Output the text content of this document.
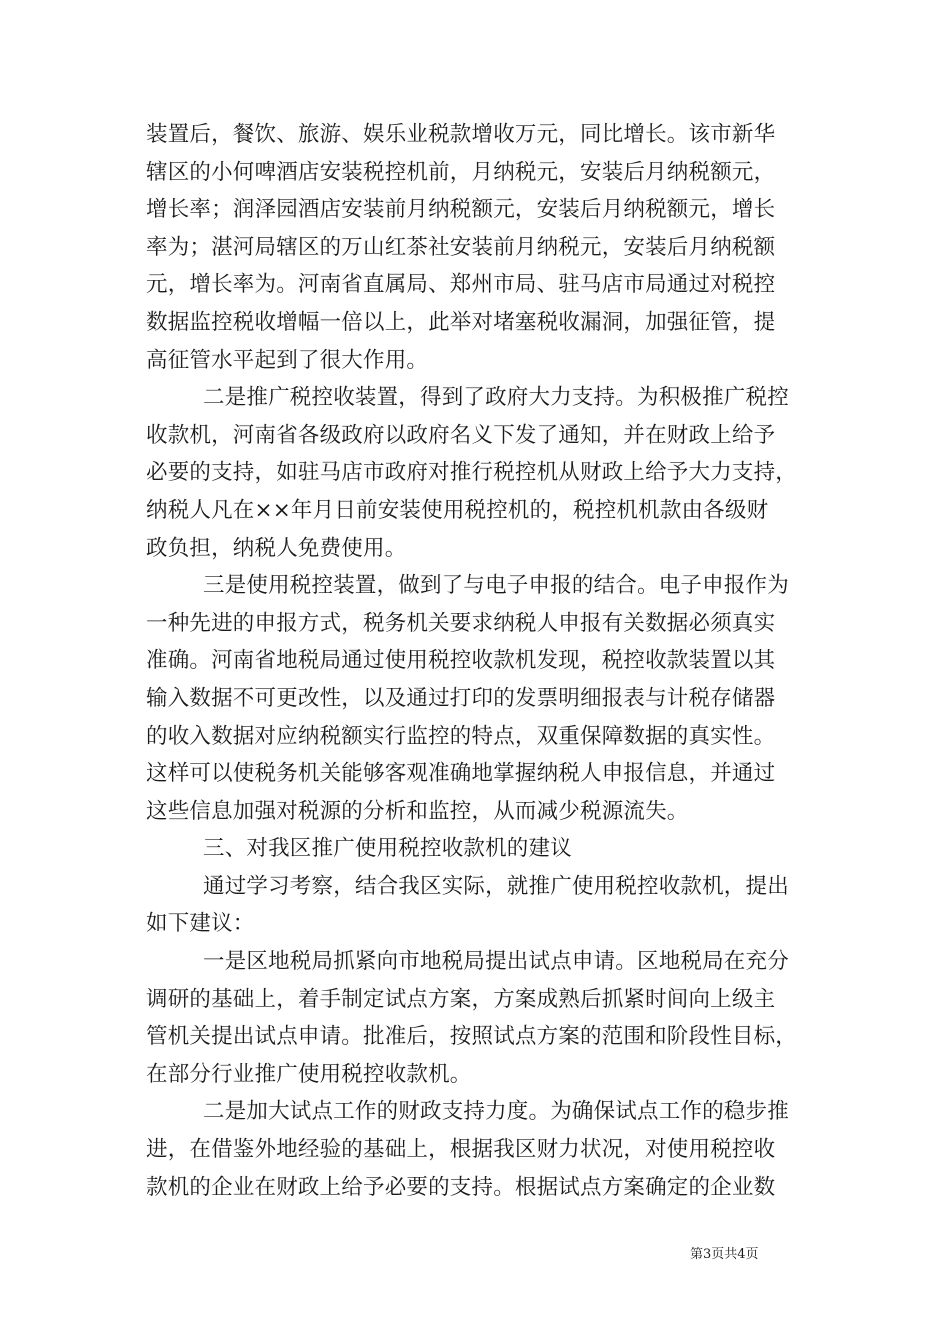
装置后，餐饮、旅游、娱乐业税款增收万元，同比增长。该市新华
辖区的小何啤酒店安装税控机前，月纳税元，安装后月纳税额元，
增长率；润泽园酒店安装前月纳税额元，安装后月纳税额元，增长
率为；湛河局辖区的万山红茶社安装前月纳税元，安装后月纳税额
元，增长率为。河南省直属局、郑州市局、驻马店市局通过对税控
数据监控税收增幅一倍以上，此举对堵塞税收漏洞，加强征管，提
高征管水平起到了很大作用。
二是推广税控收装置，得到了政府大力支持。为积极推广税控
收款机，河南省各级政府以政府名义下发了通知，并在财政上给予
必要的支持，如驻马店市政府对推行税控机从财政上给予大力支持，
纳税人凡在××年月日前安装使用税控机的，税控机机款由各级财
政负担，纳税人免费使用。
三是使用税控装置，做到了与电子申报的结合。电子申报作为
一种先进的申报方式，税务机关要求纳税人申报有关数据必须真实
准确。河南省地税局通过使用税控收款机发现，税控收款装置以其
输入数据不可更改性，以及通过打印的发票明细报表与计税存储器
的收入数据对应纳税额实行监控的特点，双重保障数据的真实性。
这样可以使税务机关能够客观准确地掌握纳税人申报信息，并通过
这些信息加强对税源的分析和监控，从而减少税源流失。
三、对我区推广使用税控收款机的建议
通过学习考察，结合我区实际，就推广使用税控收款机，提出
如下建议：
一是区地税局抓紧向市地税局提出试点申请。区地税局在充分
调研的基础上，着手制定试点方案，方案成熟后抓紧时间向上级主
管机关提出试点申请。批准后，按照试点方案的范围和阶段性目标，
在部分行业推广使用税控收款机。
二是加大试点工作的财政支持力度。为确保试点工作的稳步推
进，在借鉴外地经验的基础上，根据我区财力状况，对使用税控收
款机的企业在财政上给予必要的支持。根据试点方案确定的企业数
第3页共4页
